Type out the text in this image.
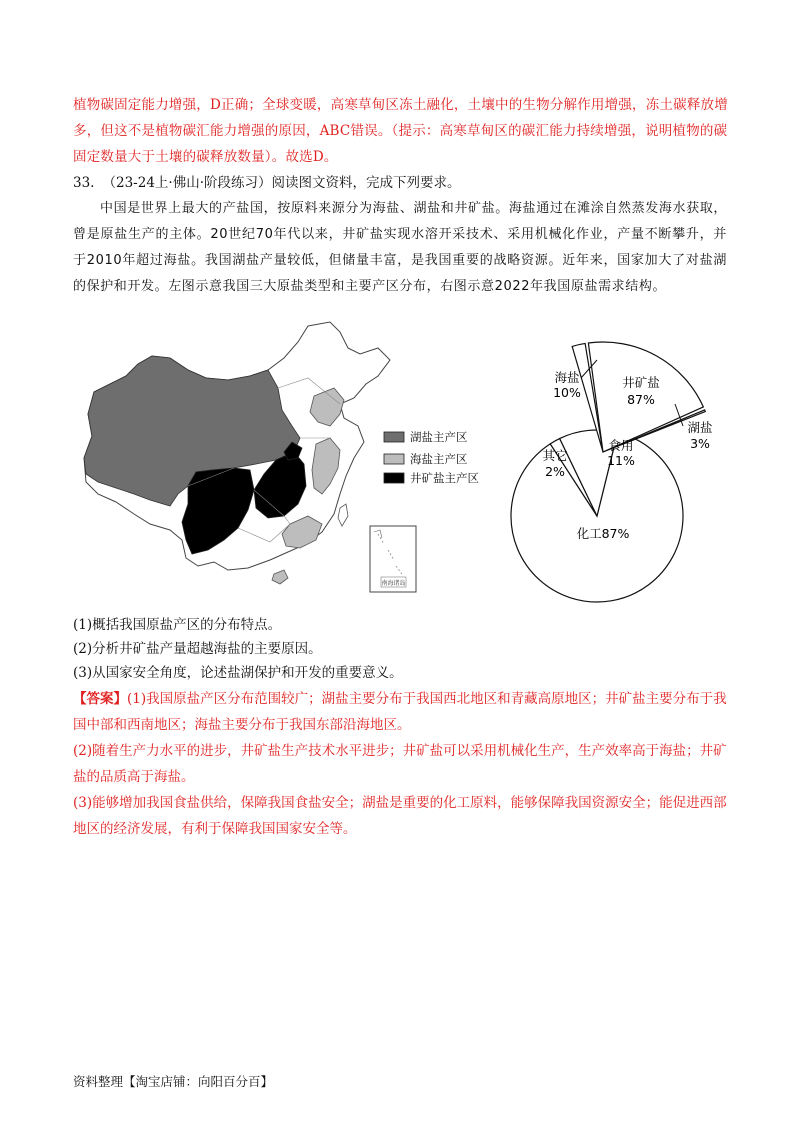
植物碳固定能力增强，D正确；全球变暖，高寒草甸区冻土融化，土壤中的生物分解作用增强，冻土碳释放增多，但这不是植物碳汇能力增强的原因，ABC错误。（提示：高寒草甸区的碳汇能力持续增强，说明植物的碳固定数量大于土壤的碳释放数量）。故选D。

33. （23-24上·佛山·阶段练习）阅读图文资料，完成下列要求。

中国是世界上最大的产盐国，按原料来源分为海盐、湖盐和井矿盐。海盐通过在滩涂自然蒸发海水获取，曾是原盐生产的主体。20世纪70年代以来，井矿盐实现水溶开采技术、采用机械化作业，产量不断攀升，并于2010年超过海盐。我国湖盐产量较低，但储量丰富，是我国重要的战略资源。近年来，国家加大了对盐湖的保护和开发。左图示意我国三大原盐类型和主要产区分布，右图示意2022年我国原盐需求结构。

南海诸岛
湖盐主产区
海盐主产区
井矿盐主产区
海盐
10%
井矿盐
87%
湖盐
3%
食用
11%
其它
2%
化工87%

(1)概括我国原盐产区的分布特点。

(2)分析井矿盐产量超越海盐的主要原因。

(3)从国家安全角度，论述盐湖保护和开发的重要意义。

【答案】(1)我国原盐产区分布范围较广；湖盐主要分布于我国西北地区和青藏高原地区；井矿盐主要分布于我国中部和西南地区；海盐主要分布于我国东部沿海地区。

(2)随着生产力水平的进步，井矿盐生产技术水平进步；井矿盐可以采用机械化生产，生产效率高于海盐；井矿盐的品质高于海盐。

(3)能够增加我国食盐供给，保障我国食盐安全；湖盐是重要的化工原料，能够保障我国资源安全；能促进西部地区的经济发展，有利于保障我国国家安全等。

资料整理【淘宝店铺：向阳百分百】
